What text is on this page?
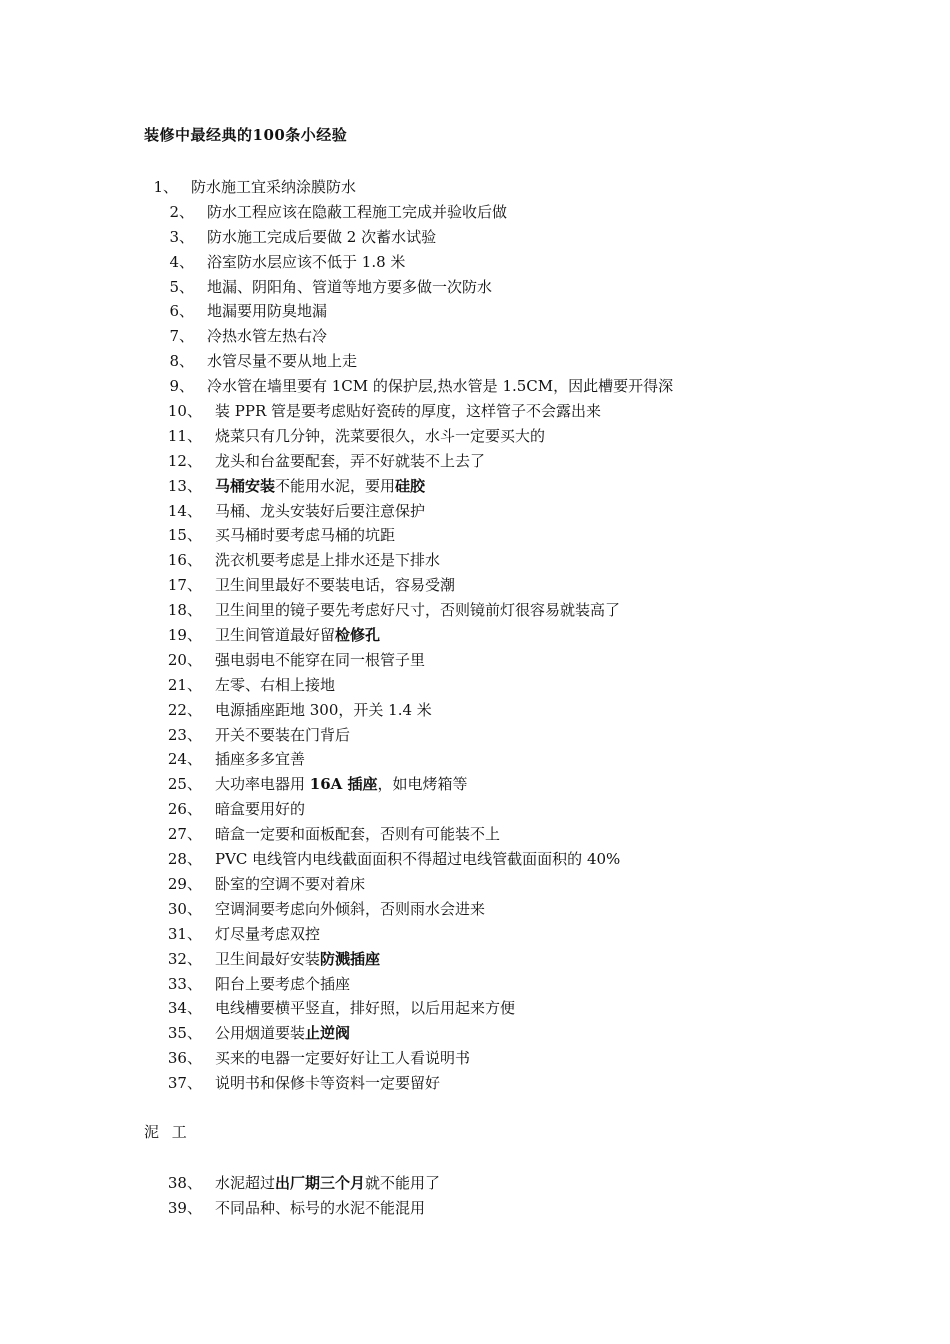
装修中最经典的100条小经验
1、 防水施工宜采纳涂膜防水
2、 防水工程应该在隐蔽工程施工完成并验收后做
3、 防水施工完成后要做 2 次蓄水试验
4、 浴室防水层应该不低于 1.8 米
5、 地漏、阴阳角、管道等地方要多做一次防水
6、 地漏要用防臭地漏
7、 冷热水管左热右冷
8、 水管尽量不要从地上走
9、 冷水管在墙里要有 1CM 的保护层,热水管是 1.5CM，因此槽要开得深
10、 装 PPR 管是要考虑贴好瓷砖的厚度，这样管子不会露出来
11、 烧菜只有几分钟，洗菜要很久，水斗一定要买大的
12、 龙头和台盆要配套，弄不好就装不上去了
13、 马桶安装不能用水泥，要用硅胶
14、 马桶、龙头安装好后要注意保护
15、 买马桶时要考虑马桶的坑距
16、 洗衣机要考虑是上排水还是下排水
17、 卫生间里最好不要装电话，容易受潮
18、 卫生间里的镜子要先考虑好尺寸，否则镜前灯很容易就装高了
19、 卫生间管道最好留检修孔
20、 强电弱电不能穿在同一根管子里
21、 左零、右相上接地
22、 电源插座距地 300，开关 1.4 米
23、 开关不要装在门背后
24、 插座多多宜善
25、 大功率电器用 16A 插座，如电烤箱等
26、 暗盒要用好的
27、 暗盒一定要和面板配套，否则有可能装不上
28、 PVC 电线管内电线截面面积不得超过电线管截面面积的 40%
29、 卧室的空调不要对着床
30、 空调洞要考虑向外倾斜，否则雨水会进来
31、 灯尽量考虑双控
32、 卫生间最好安装防溅插座
33、 阳台上要考虑个插座
34、 电线槽要横平竖直，排好照，以后用起来方便
35、 公用烟道要装止逆阀
36、 买来的电器一定要好好让工人看说明书
37、 说明书和保修卡等资料一定要留好
泥 工
38、 水泥超过出厂期三个月就不能用了
39、 不同品种、标号的水泥不能混用
